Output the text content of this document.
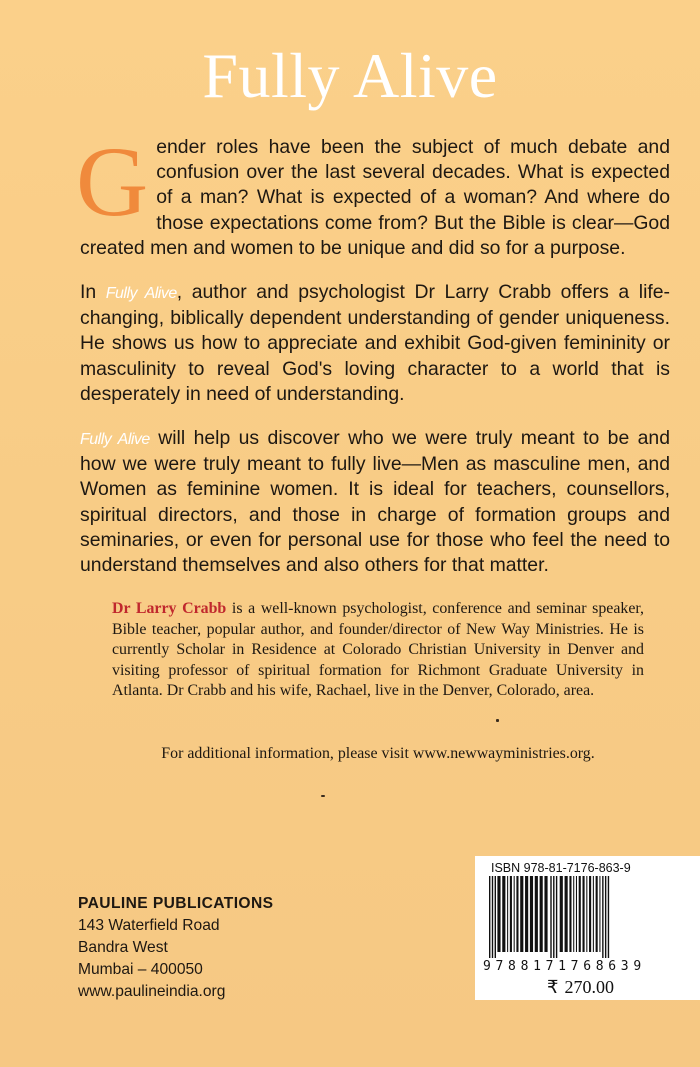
Fully Alive

Gender roles have been the subject of much debate and confusion over the last several decades. What is expected of a man? What is expected of a woman? And where do those expectations come from? But the Bible is clear—God created men and women to be unique and did so for a purpose.

In Fully Alive, author and psychologist Dr Larry Crabb offers a life-changing, biblically dependent understanding of gender uniqueness. He shows us how to appreciate and exhibit God-given femininity or masculinity to reveal God's loving character to a world that is desperately in need of understanding.

Fully Alive will help us discover who we were truly meant to be and how we were truly meant to fully live—Men as masculine men, and Women as feminine women. It is ideal for teachers, counsellors, spiritual directors, and those in charge of formation groups and seminaries, or even for personal use for those who feel the need to understand themselves and also others for that matter.

Dr Larry Crabb is a well-known psychologist, conference and seminar speaker, Bible teacher, popular author, and founder/director of New Way Ministries. He is currently Scholar in Residence at Colorado Christian University in Denver and visiting professor of spiritual formation for Richmont Graduate University in Atlanta. Dr Crabb and his wife, Rachael, live in the Denver, Colorado, area.
For additional information, please visit www.newwayministries.org.
PAULINE PUBLICATIONS
143 Waterfield Road
Bandra West
Mumbai – 400050
www.paulineindia.org
ISBN 978-81-7176-863-9
9788171768639
₹ 270.00
